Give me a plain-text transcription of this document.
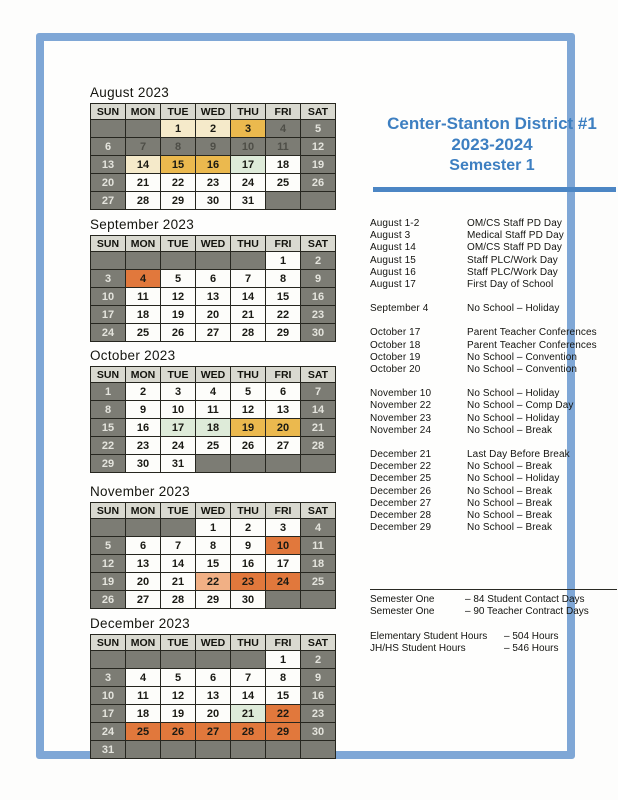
August 2023
SUN	MON	TUE	WED	THU	FRI	SAT
		1	2	3	4	5
6	7	8	9	10	11	12
13	14	15	16	17	18	19
20	21	22	23	24	25	26
27	28	29	30	31		
September 2023
SUN	MON	TUE	WED	THU	FRI	SAT
					1	2
3	4	5	6	7	8	9
10	11	12	13	14	15	16
17	18	19	20	21	22	23
24	25	26	27	28	29	30
October 2023
SUN	MON	TUE	WED	THU	FRI	SAT
1	2	3	4	5	6	7
8	9	10	11	12	13	14
15	16	17	18	19	20	21
22	23	24	25	26	27	28
29	30	31				
November 2023
SUN	MON	TUE	WED	THU	FRI	SAT
			1	2	3	4
5	6	7	8	9	10	11
12	13	14	15	16	17	18
19	20	21	22	23	24	25
26	27	28	29	30		
December 2023
SUN	MON	TUE	WED	THU	FRI	SAT
					1	2
3	4	5	6	7	8	9
10	11	12	13	14	15	16
17	18	19	20	21	22	23
24	25	26	27	28	29	30
31						
Center-Stanton District #1
2023-2024
Semester 1
August 1-2	OM/CS Staff PD Day
August 3	Medical Staff PD Day
August 14	OM/CS Staff PD Day
August 15	Staff PLC/Work Day
August 16	Staff PLC/Work Day
August 17	First Day of School
September 4	No School – Holiday
October 17	Parent Teacher Conferences
October 18	Parent Teacher Conferences
October 19	No School – Convention
October 20	No School – Convention
November 10	No School – Holiday
November 22	No School – Comp Day
November 23	No School – Holiday
November 24	No School – Break
December 21	Last Day Before Break
December 22	No School – Break
December 25	No School – Holiday
December 26	No School – Break
December 27	No School – Break
December 28	No School – Break
December 29	No School – Break
Semester One	– 84 Student Contact Days
Semester One	– 90 Teacher Contract Days
Elementary Student Hours	– 504 Hours
JH/HS Student Hours	– 546 Hours
